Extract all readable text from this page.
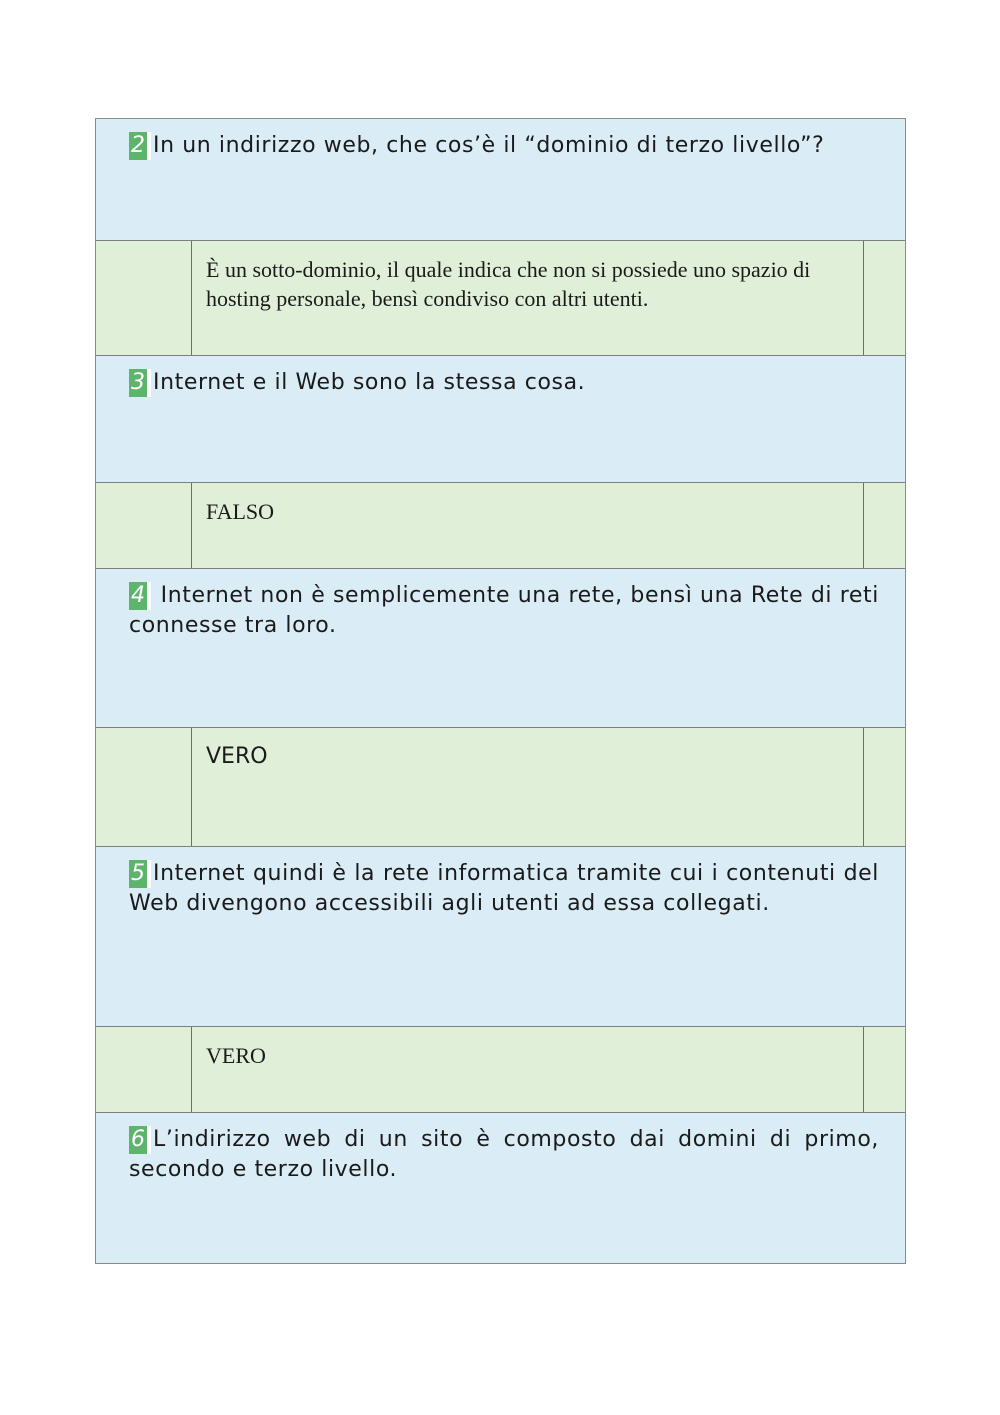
2 In un indirizzo web, che cos’è il “dominio di terzo livello”?
È un sotto-dominio, il quale indica che non si possiede uno spazio di hosting personale, bensì condiviso con altri utenti.
3 Internet e il Web sono la stessa cosa.
FALSO
4 Internet non è semplicemente una rete, bensì una Rete di reti connesse tra loro.
VERO
5 Internet quindi è la rete informatica tramite cui i contenuti del Web divengono accessibili agli utenti ad essa collegati.
VERO
6 L’indirizzo web di un sito è composto dai domini di primo, secondo e terzo livello.
